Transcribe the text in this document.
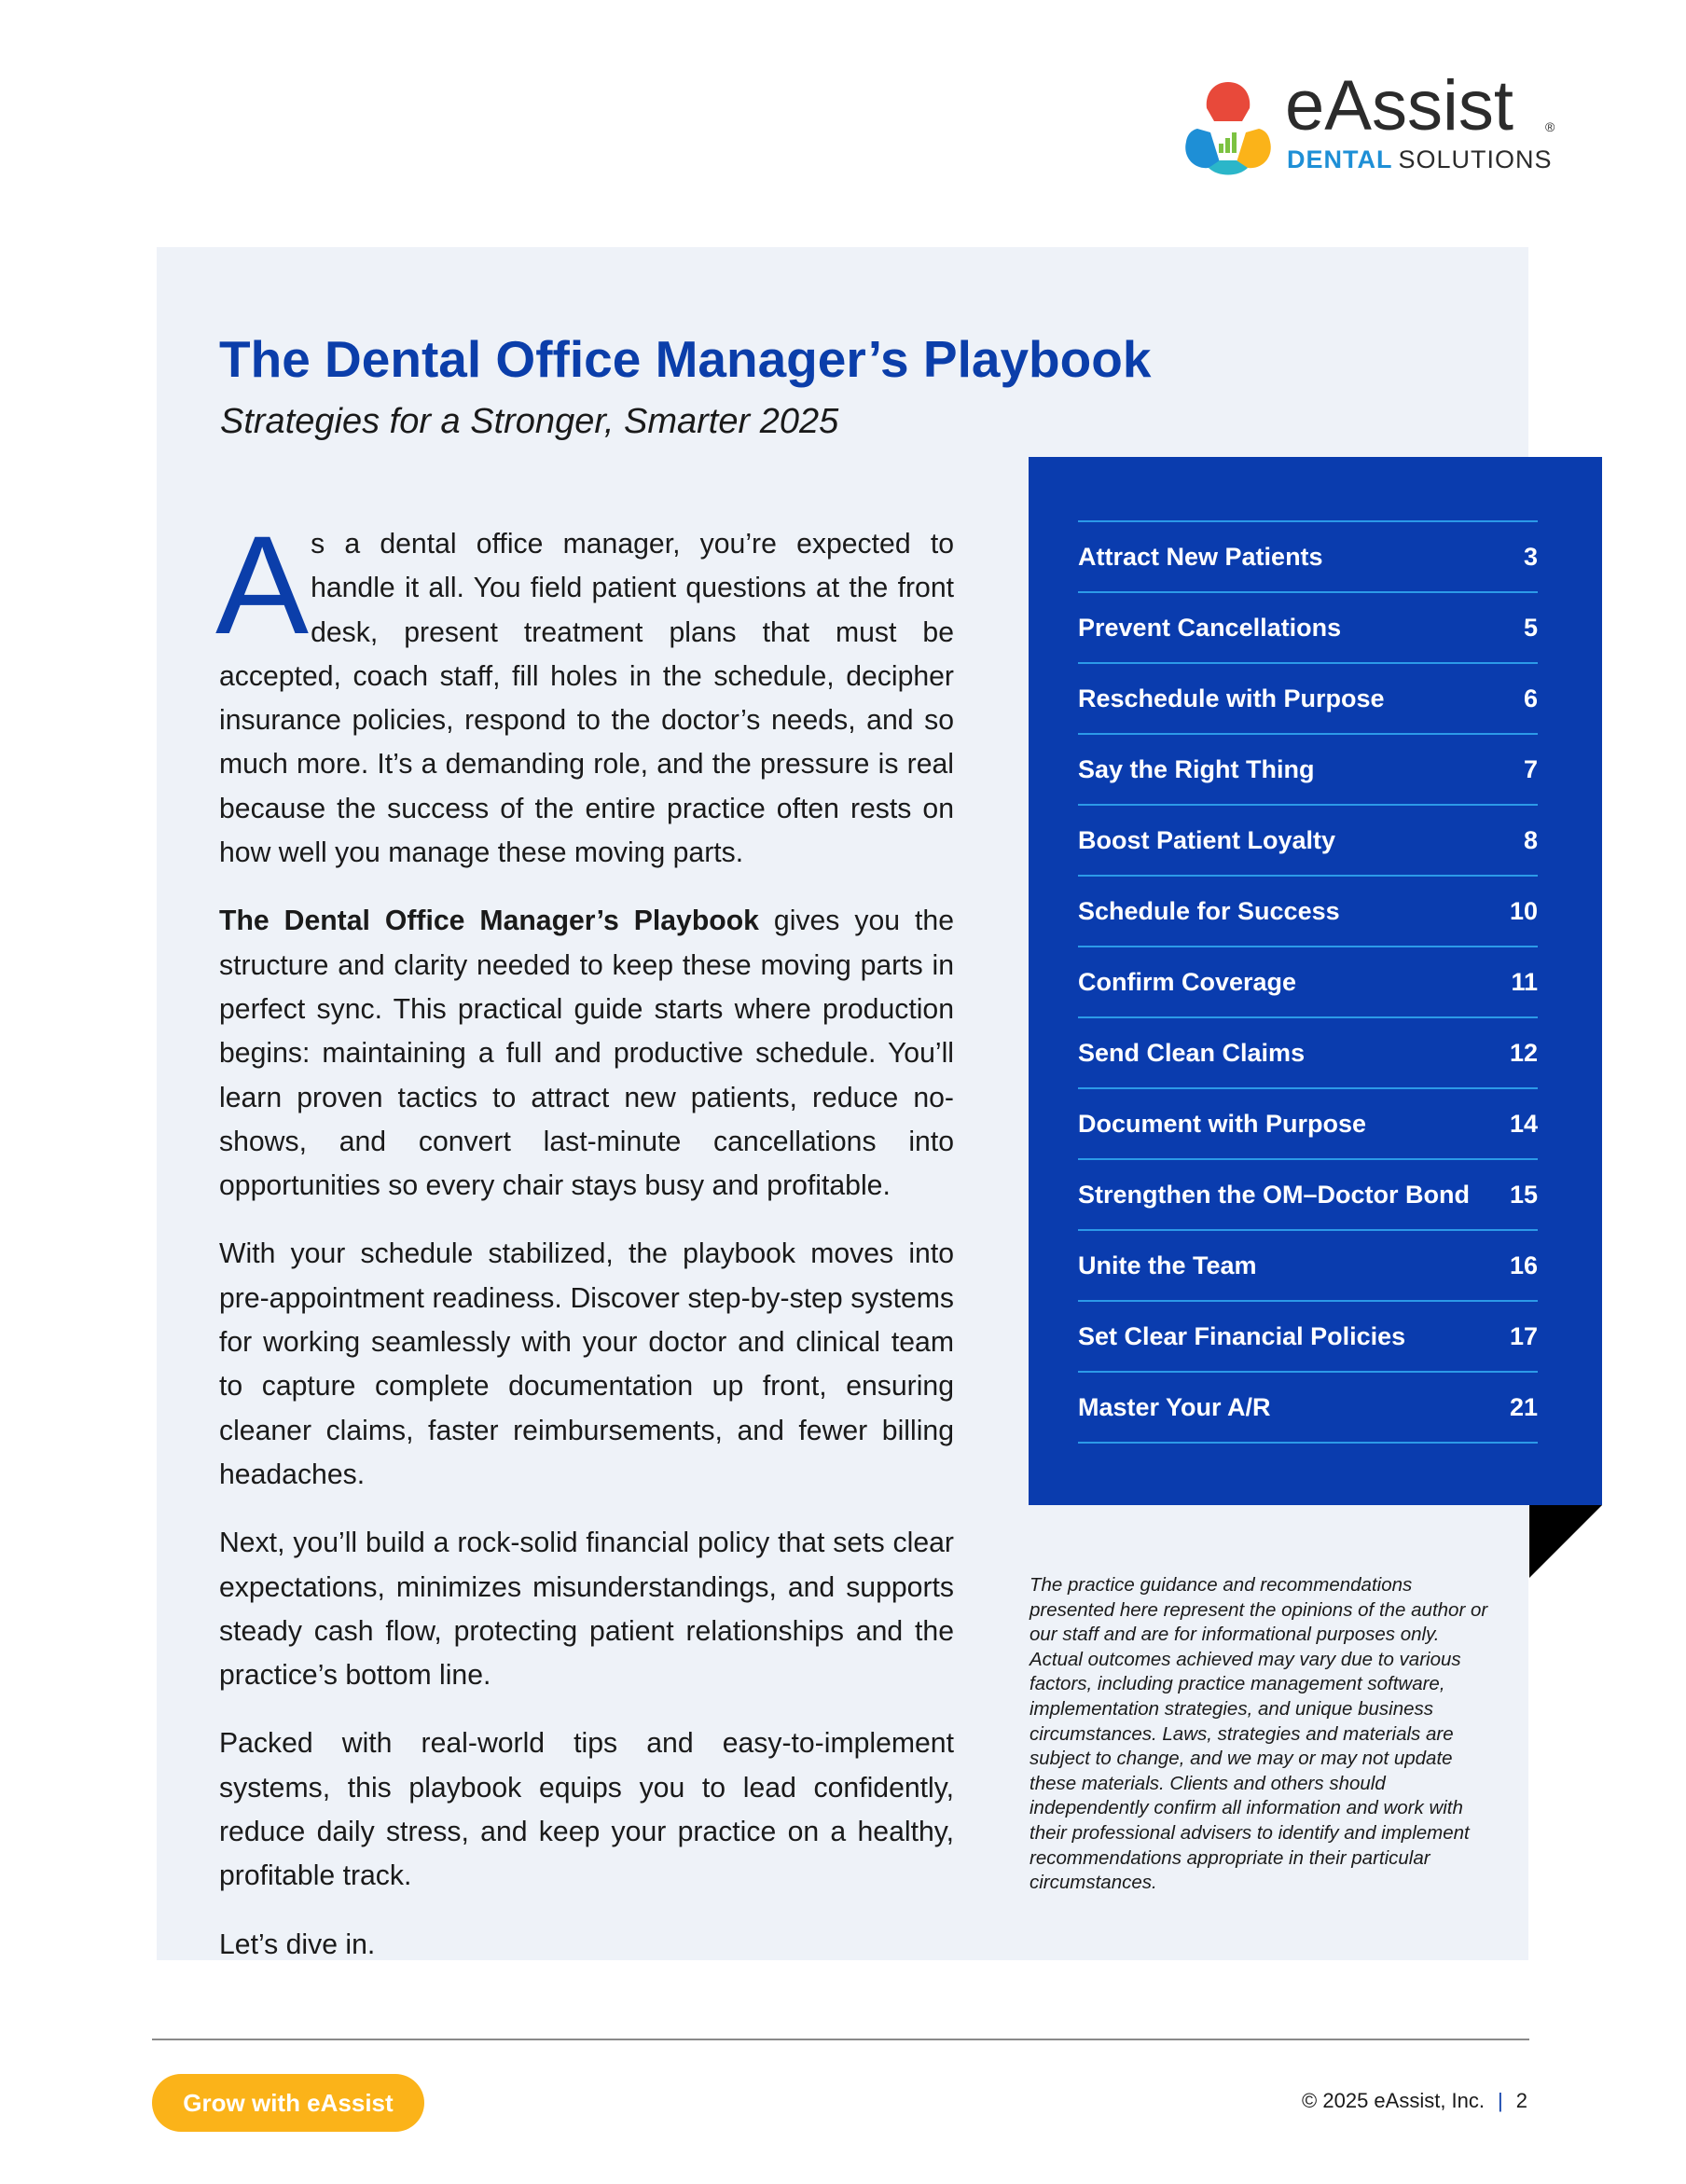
eAssist ®
DENTAL SOLUTIONS
The Dental Office Manager’s Playbook
Strategies for a Stronger, Smarter 2025

As a dental office manager, you’re expected to handle it all. You field patient questions at the front desk, present treatment plans that must be accepted, coach staff, fill holes in the schedule, decipher insurance policies, respond to the doctor’s needs, and so much more. It’s a demanding role, and the pressure is real because the success of the entire practice often rests on how well you manage these moving parts.

The Dental Office Manager’s Playbook gives you the structure and clarity needed to keep these moving parts in perfect sync. This practical guide starts where production begins: maintaining a full and productive schedule. You’ll learn proven tactics to attract new patients, reduce no-shows, and convert last-minute cancellations into opportunities so every chair stays busy and profitable.

With your schedule stabilized, the playbook moves into pre-appointment readiness. Discover step-by-step systems for working seamlessly with your doctor and clinical team to capture complete documentation up front, ensuring cleaner claims, faster reimbursements, and fewer billing headaches.

Next, you’ll build a rock-solid financial policy that sets clear expectations, minimizes misunderstandings, and supports steady cash flow, protecting patient relationships and the practice’s bottom line.

Packed with real-world tips and easy-to-implement systems, this playbook equips you to lead confidently, reduce daily stress, and keep your practice on a healthy, profitable track.

Let’s dive in.

Attract New Patients	3
Prevent Cancellations	5
Reschedule with Purpose	6
Say the Right Thing	7
Boost Patient Loyalty	8
Schedule for Success	10
Confirm Coverage	11
Send Clean Claims	12
Document with Purpose	14
Strengthen the OM–Doctor Bond 15
Unite the Team	16
Set Clear Financial Policies	17
Master Your A/R	21
The practice guidance and recommendations presented here represent the opinions of the author or our staff and are for informational purposes only. Actual outcomes achieved may vary due to various factors, including practice management software, implementation strategies, and unique business circumstances. Laws, strategies and materials are subject to change, and we may or may not update these materials. Clients and others should independently confirm all information and work with their professional advisers to identify and implement recommendations appropriate in their particular circumstances.
Grow with eAssist	© 2025 eAssist, Inc. | 2
